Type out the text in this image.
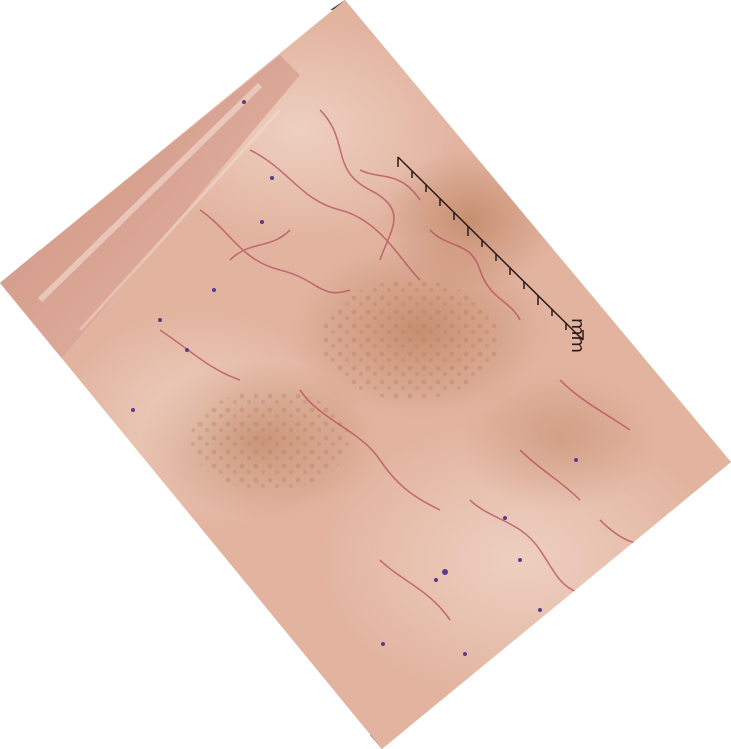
mm
